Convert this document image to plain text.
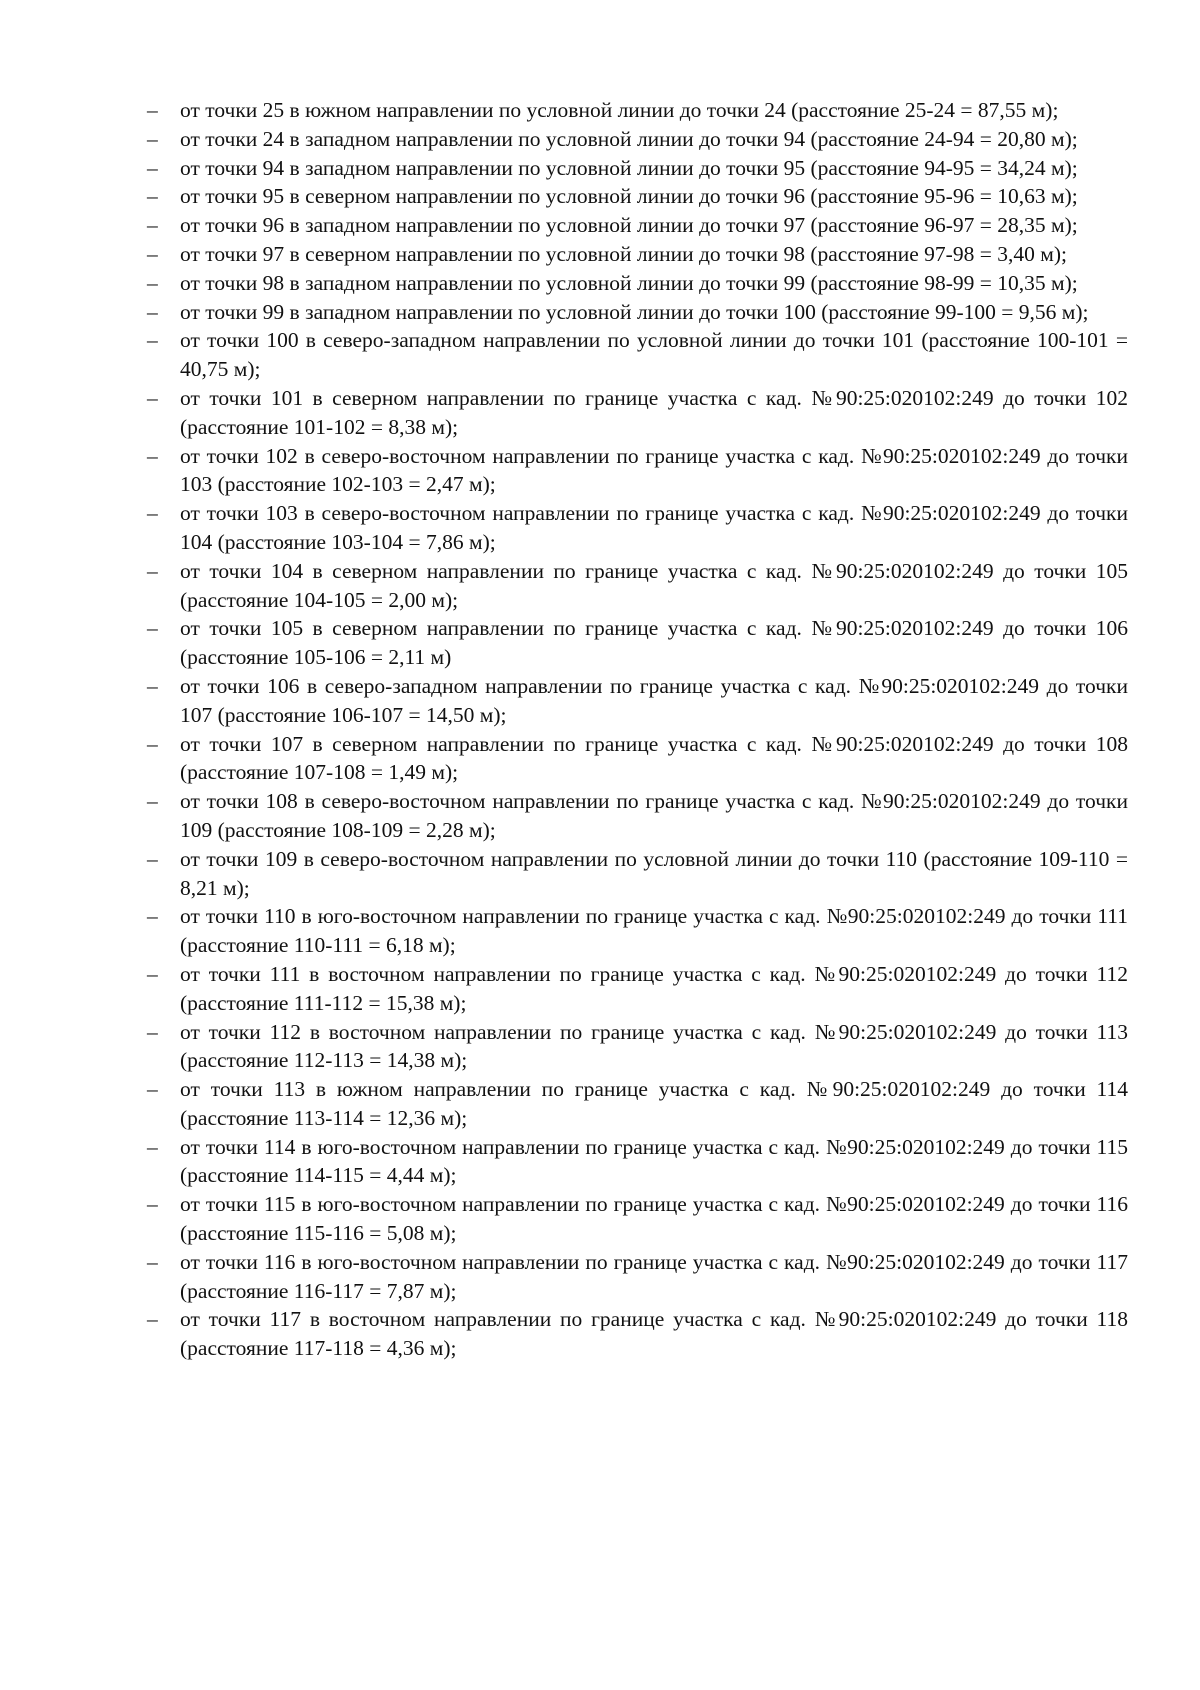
–	от точки 25 в южном направлении по условной линии до точки 24 (расстояние 25-24 = 87,55 м);
–	от точки 24 в западном направлении по условной линии до точки 94 (расстояние 24-94 = 20,80 м);
–	от точки 94 в западном направлении по условной линии до точки 95 (расстояние 94-95 = 34,24 м);
–	от точки 95 в северном направлении по условной линии до точки 96 (расстояние 95-96 = 10,63 м);
–	от точки 96 в западном направлении по условной линии до точки 97 (расстояние 96-97 = 28,35 м);
–	от точки 97 в северном направлении по условной линии до точки 98 (расстояние 97-98 = 3,40 м);
–	от точки 98 в западном направлении по условной линии до точки 99 (расстояние 98-99 = 10,35 м);
–	от точки 99 в западном направлении по условной линии до точки 100 (расстояние 99-100 = 9,56 м);
–	от точки 100 в северо-западном направлении по условной линии до точки 101 (расстояние 100-101 = 40,75 м);
–	от точки 101 в северном направлении по границе участка с кад. №90:25:020102:249 до точки 102 (расстояние 101-102 = 8,38 м);
–	от точки 102 в северо-восточном направлении по границе участка с кад. №90:25:020102:249 до точки 103 (расстояние 102-103 = 2,47 м);
–	от точки 103 в северо-восточном направлении по границе участка с кад. №90:25:020102:249 до точки 104 (расстояние 103-104 = 7,86 м);
–	от точки 104 в северном направлении по границе участка с кад. №90:25:020102:249 до точки 105 (расстояние 104-105 = 2,00 м);
–	от точки 105 в северном направлении по границе участка с кад. №90:25:020102:249 до точки 106 (расстояние 105-106 = 2,11 м)
–	от точки 106 в северо-западном направлении по границе участка с кад. №90:25:020102:249 до точки 107 (расстояние 106-107 = 14,50 м);
–	от точки 107 в северном направлении по границе участка с кад. №90:25:020102:249 до точки 108 (расстояние 107-108 = 1,49 м);
–	от точки 108 в северо-восточном направлении по границе участка с кад. №90:25:020102:249 до точки 109 (расстояние 108-109 = 2,28 м);
–	от точки 109 в северо-восточном направлении по условной линии до точки 110 (расстояние 109-110 = 8,21 м);
–	от точки 110 в юго-восточном направлении по границе участка с кад. №90:25:020102:249 до точки 111 (расстояние 110-111 = 6,18 м);
–	от точки 111 в восточном направлении по границе участка с кад. №90:25:020102:249 до точки 112 (расстояние 111-112 = 15,38 м);
–	от точки 112 в восточном направлении по границе участка с кад. №90:25:020102:249 до точки 113 (расстояние 112-113 = 14,38 м);
–	от точки 113 в южном направлении по границе участка с кад. №90:25:020102:249 до точки 114 (расстояние 113-114 = 12,36 м);
–	от точки 114 в юго-восточном направлении по границе участка с кад. №90:25:020102:249 до точки 115 (расстояние 114-115 = 4,44 м);
–	от точки 115 в юго-восточном направлении по границе участка с кад. №90:25:020102:249 до точки 116 (расстояние 115-116 = 5,08 м);
–	от точки 116 в юго-восточном направлении по границе участка с кад. №90:25:020102:249 до точки 117 (расстояние 116-117 = 7,87 м);
–	от точки 117 в восточном направлении по границе участка с кад. №90:25:020102:249 до точки 118 (расстояние 117-118 = 4,36 м);
